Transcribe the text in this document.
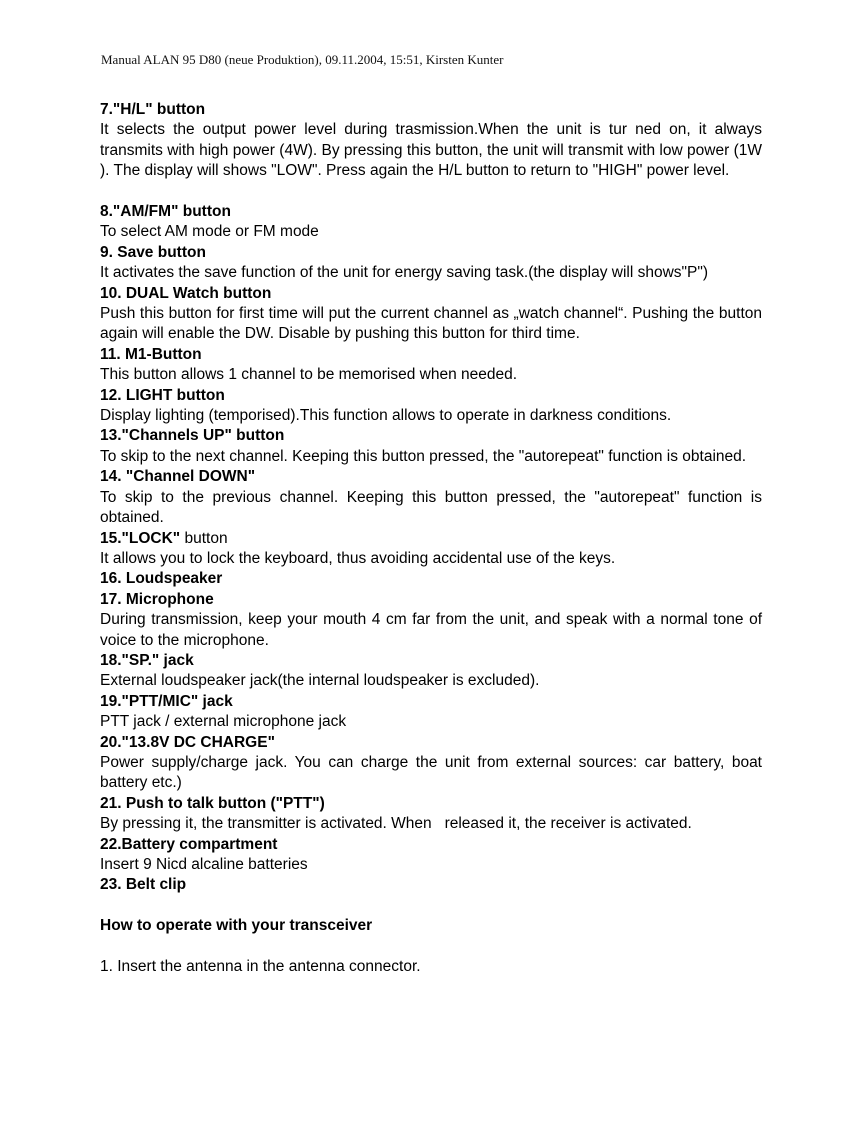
Manual ALAN 95 D80 (neue Produktion), 09.11.2004, 15:51, Kirsten Kunter

7."H/L" button

It selects the output power level during trasmission.When the unit is tur ned on, it always transmits with high power (4W). By pressing this button, the unit will transmit with low power (1W ). The display will shows "LOW". Press again the H/L button to return to "HIGH" power level.

8."AM/FM" button

To select AM mode or FM mode

9. Save button

It activates the save function of the unit for energy saving task.(the display will shows"P")

10. DUAL Watch button

Push this button for first time will put the current channel as „watch channel“. Pushing the button again will enable the DW. Disable by pushing this button for third time.

11. M1-Button

This button allows 1 channel to be memorised when needed.

12. LIGHT button

Display lighting (temporised).This function allows to operate in darkness conditions.

13."Channels UP" button

To skip to the next channel. Keeping this button pressed, the "autorepeat" function is obtained.

14. "Channel DOWN"

To skip to the previous channel. Keeping this button pressed, the "autorepeat" function is obtained.

15."LOCK" button

It allows you to lock the keyboard, thus avoiding accidental use of the keys.

16. Loudspeaker

17. Microphone

During transmission, keep your mouth 4 cm far from the unit, and speak with a normal tone of voice to the microphone.

18."SP." jack

External loudspeaker jack(the internal loudspeaker is excluded).

19."PTT/MIC" jack

PTT jack / external microphone jack

20."13.8V DC CHARGE"

Power supply/charge jack. You can charge the unit from external sources: car battery, boat battery etc.)

21. Push to talk button ("PTT")

By pressing it, the transmitter is activated. When   released it, the receiver is activated.

22.Battery compartment

Insert 9 Nicd alcaline batteries

23. Belt clip

How to operate with your transceiver

1. Insert the antenna in the antenna connector.
